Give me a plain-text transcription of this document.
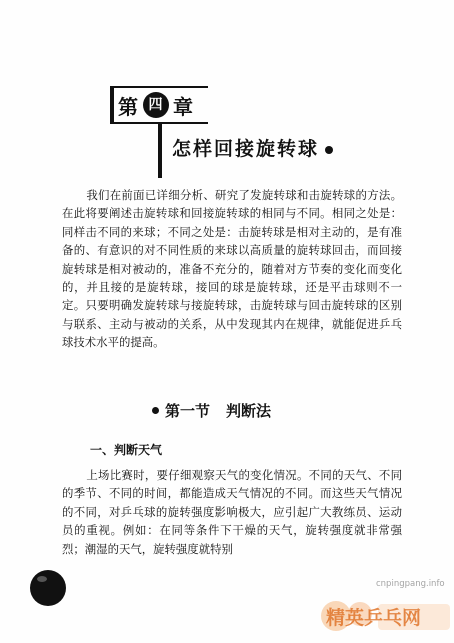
第 四 章
怎样回接旋转球

我们在前面已详细分析、研究了发旋转球和击旋转球的方法。在此将要阐述击旋转球和回接旋转球的相同与不同。相同之处是：同样击不同的来球；不同之处是：击旋转球是相对主动的，是有准备的、有意识的对不同性质的来球以高质量的旋转球回击，而回接旋转球是相对被动的，准备不充分的，随着对方节奏的变化而变化的，并且接的是旋转球，接回的球是旋转球，还是平击球则不一定。只要明确发旋转球与接旋转球，击旋转球与回击旋转球的区别与联系、主动与被动的关系，从中发现其内在规律，就能促进乒乓球技术水平的提高。

第一节 判断法
一、判断天气

上场比赛时，要仔细观察天气的变化情况。不同的天气、不同的季节、不同的时间，都能造成天气情况的不同。而这些天气情况的不同，对乒乓球的旋转强度影响极大，应引起广大教练员、运动员的重视。例如：在同等条件下干燥的天气，旋转强度就非常强烈；潮湿的天气，旋转强度就特别

cnpingpang.info
精英乒乓网
